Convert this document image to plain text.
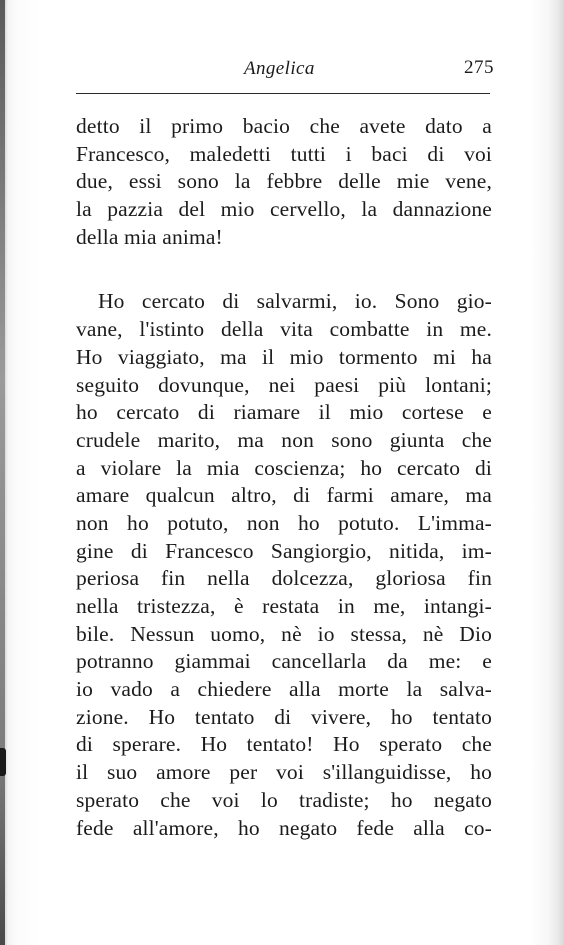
Angelica	275
detto il primo bacio che avete dato a
Francesco, maledetti tutti i baci di voi
due, essi sono la febbre delle mie vene,
la pazzia del mio cervello, la dannazione
della mia anima!
Ho cercato di salvarmi, io. Sono gio-
vane, l'istinto della vita combatte in me.
Ho viaggiato, ma il mio tormento mi ha
seguito dovunque, nei paesi più lontani;
ho cercato di riamare il mio cortese e
crudele marito, ma non sono giunta che
a violare la mia coscienza; ho cercato di
amare qualcun altro, di farmi amare, ma
non ho potuto, non ho potuto. L'imma-
gine di Francesco Sangiorgio, nitida, im-
periosa fin nella dolcezza, gloriosa fin
nella tristezza, è restata in me, intangi-
bile. Nessun uomo, nè io stessa, nè Dio
potranno giammai cancellarla da me: e
io vado a chiedere alla morte la salva-
zione. Ho tentato di vivere, ho tentato
di sperare. Ho tentato! Ho sperato che
il suo amore per voi s'illanguidisse, ho
sperato che voi lo tradiste; ho negato
fede all'amore, ho negato fede alla co-
